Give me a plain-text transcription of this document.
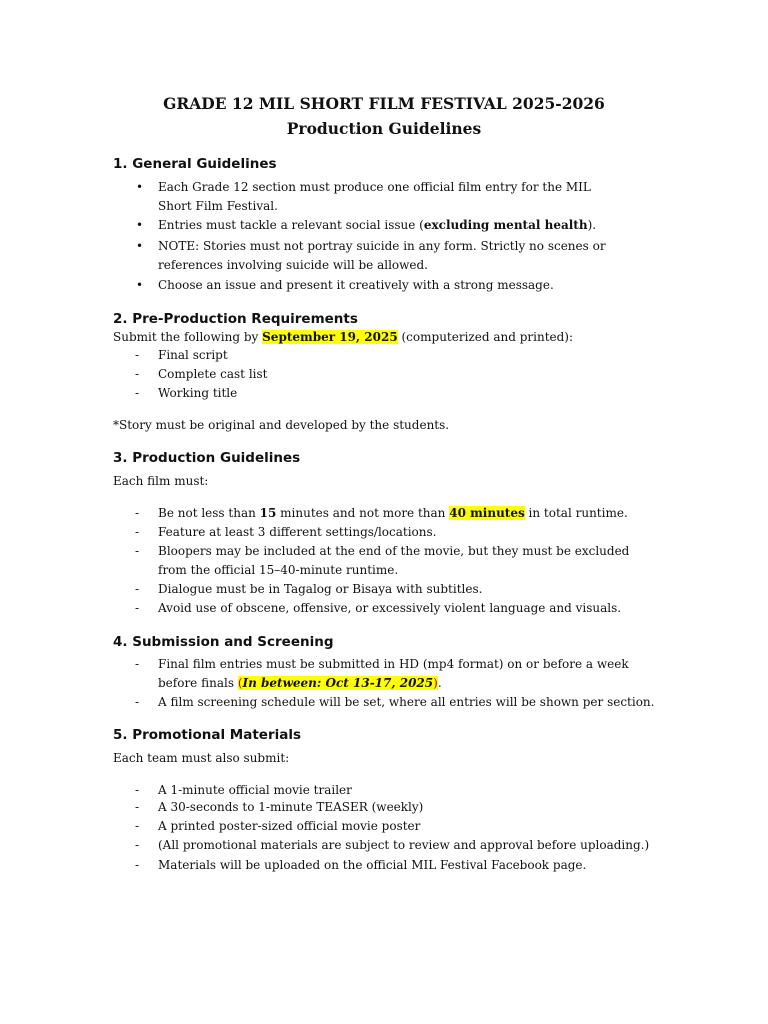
GRADE 12 MIL SHORT FILM FESTIVAL 2025-2026
Production Guidelines
1. General Guidelines
• Each Grade 12 section must produce one official film entry for the MIL Short Film Festival.
• Entries must tackle a relevant social issue (excluding mental health).
• NOTE: Stories must not portray suicide in any form. Strictly no scenes or references involving suicide will be allowed.
• Choose an issue and present it creatively with a strong message.
2. Pre-Production Requirements

Submit the following by September 19, 2025 (computerized and printed):

- Final script
- Complete cast list
- Working title

*Story must be original and developed by the students.

3. Production Guidelines

Each film must:

- Be not less than 15 minutes and not more than 40 minutes in total runtime.
- Feature at least 3 different settings/locations.
- Bloopers may be included at the end of the movie, but they must be excluded from the official 15–40-minute runtime.
- Dialogue must be in Tagalog or Bisaya with subtitles.
- Avoid use of obscene, offensive, or excessively violent language and visuals.
4. Submission and Screening
- Final film entries must be submitted in HD (mp4 format) on or before a week before finals (In between: Oct 13-17, 2025).
- A film screening schedule will be set, where all entries will be shown per section.
5. Promotional Materials

Each team must also submit:

- A 1-minute official movie trailer
- A 30-seconds to 1-minute TEASER (weekly)
- A printed poster-sized official movie poster
- (All promotional materials are subject to review and approval before uploading.)
- Materials will be uploaded on the official MIL Festival Facebook page.
